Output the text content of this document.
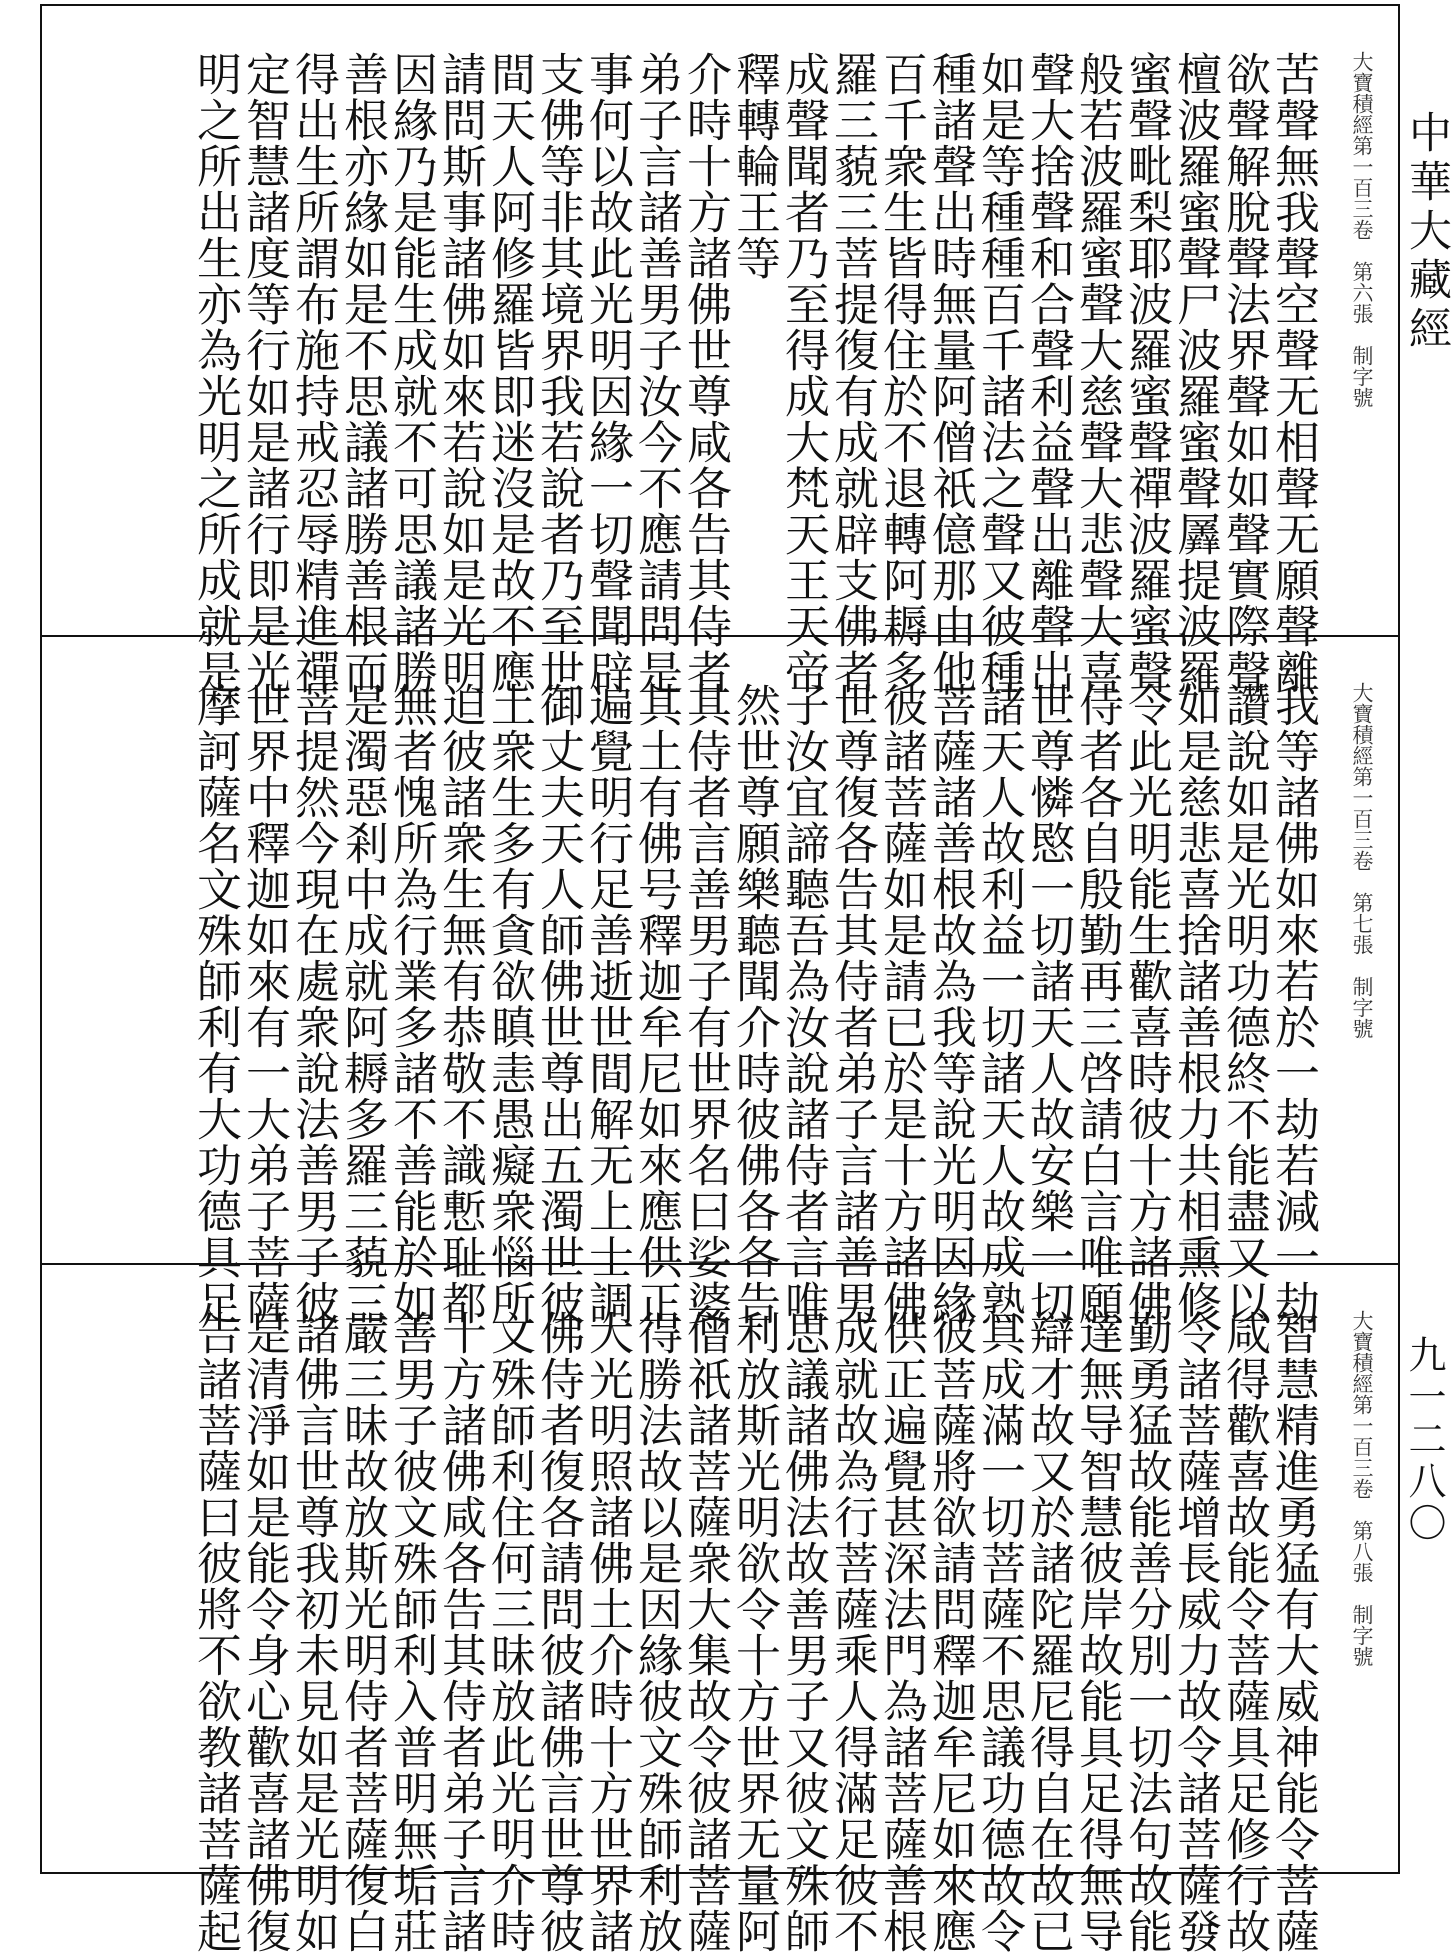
大寶積經第一百三卷　第六張　制字號
苦聲無我聲空聲无相聲无願聲離
欲聲解脫聲法界聲如如聲實際聲
檀波羅蜜聲尸波羅蜜聲羼提波羅
蜜聲毗梨耶波羅蜜聲禪波羅蜜聲
般若波羅蜜聲大慈聲大悲聲大喜
聲大捨聲和合聲利益聲出離聲出
如是等種種百千諸法之聲又彼種
種諸聲出時無量阿僧祇億那由他
百千衆生皆得住於不退轉阿耨多
羅三藐三菩提復有成就辟支佛者
成聲聞者乃至得成大梵天王天帝
釋轉輪王等
介時十方諸佛世尊咸各告其侍者
弟子言諸善男子汝今不應請問是
事何以故此光明因緣一切聲聞辟
支佛等非其境界我若說者乃至世
間天人阿修羅皆即迷沒是故不應
請問斯事諸佛如來若說如是光明
因緣乃是能生成就不可思議諸勝
善根亦緣如是不思議諸勝善根而
得出生所謂布施持戒忍辱精進禪
定智慧諸度等行如是諸行即是光
明之所出生亦為光明之所成就是
大寶積經第一百三卷　第七張　制字號
我等諸佛如來若於一劫若減一劫
讚說如是光明功德終不能盡又以
如是慈悲喜捨諸善根力共相熏修
令此光明能生歡喜時彼十方諸佛
侍者各自殷勤再三啓請白言唯願
世尊憐愍一切諸天人故安樂一切
諸天人故利益一切諸天人故成熟
菩薩諸善根故為我等說光明因緣
彼諸菩薩如是請已於是十方諸佛
世尊復各告其侍者弟子言諸善男
子汝宜諦聽吾為汝說諸侍者言唯
然世尊願樂聽聞介時彼佛各各告
其侍者言善男子有世界名曰娑婆
其土有佛号釋迦牟尼如來應供正
遍覺明行足善逝世間解无上士調
御丈夫天人師佛世尊出五濁世彼
土衆生多有貪欲瞋恚愚癡衆惱所
迫彼諸衆生無有恭敬不識慙耻都
無者愧所為行業多諸不善能於如
是濁惡剎中成就阿耨多羅三藐三
菩提然今現在處衆說法善男子彼
世界中釋迦如來有一大弟子菩薩
摩訶薩名文殊師利有大功德具足
大寶積經第一百三卷　第八張　制字號
智慧精進勇猛有大威神能令菩薩
咸得歡喜故能令菩薩具足修行故
令諸菩薩增長威力故令諸菩薩發
勤勇猛故能善分別一切法句故能
達無导智慧彼岸故能具足得無导
辯才故又於諸陀羅尼得自在故已
具成滿一切菩薩不思議功德故令
彼菩薩將欲請問釋迦牟尼如來應
供正遍覺甚深法門為諸菩薩善根
成就故為行菩薩乘人得滿足彼不
思議諸佛法故善男子又彼文殊師
利放斯光明欲令十方世界无量阿
僧祇諸菩薩衆大集故令彼諸菩薩
得勝法故以是因緣彼文殊師利放
大光明照諸佛土介時十方世界諸
佛侍者復各請問彼諸佛言世尊彼
文殊師利住何三昧放此光明介時
十方諸佛咸各告其侍者弟子言諸
善男子彼文殊師利入普明無垢莊
嚴三昧故放斯光明侍者菩薩復白
諸佛言世尊我初未見如是光明如
是清淨如是能令身心歡喜諸佛復
告諸菩薩曰彼將不欲教諸菩薩起
中華大藏經
九一二八〇
